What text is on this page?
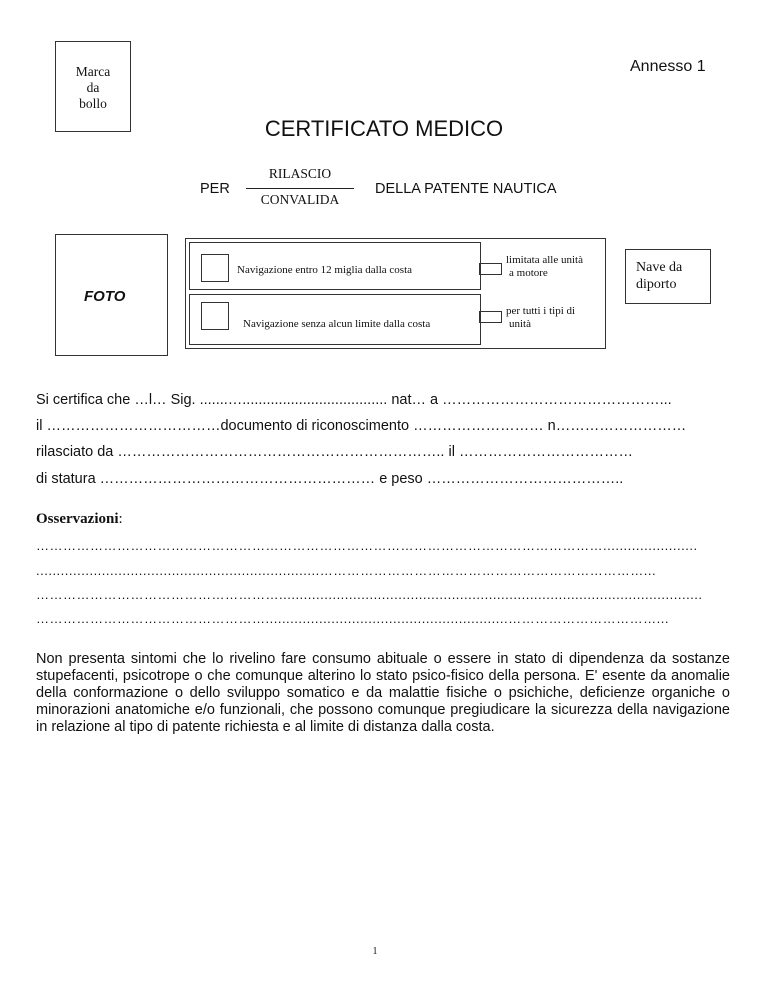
Marca
da
bollo
Annesso 1
CERTIFICATO MEDICO
PER
RILASCIO
CONVALIDA
DELLA PATENTE NAUTICA
FOTO
Navigazione entro 12 miglia dalla costa
limitata alle unità
a motore
Navigazione senza alcun limite dalla costa
per tutti i tipi di
unità
Nave da
diporto
Si certifica che …l… Sig. .......….................................... nat… a ………………………………………...
il ………………………………documento di riconoscimento ……………………… n………………………
rilasciato da ………………………………………………………….. il ………………………………
di statura ………………………………………………… e peso …………………………………..
Osservazioni:
……………………………………………………………………………………………………………….......................
.....................................................................………………………………………………………………...
……………………………………………….......................................................................................................
……………………………………………...........................................................……………………………...
Non presenta sintomi che lo rivelino fare consumo abituale o essere in stato di dipendenza da sostanze stupefacenti, psicotrope o che comunque alterino lo stato psico-fisico della persona. E' esente da anomalie della conformazione o dello sviluppo somatico e da malattie fisiche o psichiche, deficienze organiche o minorazioni anatomiche e/o funzionali, che possono comunque pregiudicare la sicurezza della navigazione in relazione al tipo di patente richiesta e al limite di distanza dalla costa.
1
